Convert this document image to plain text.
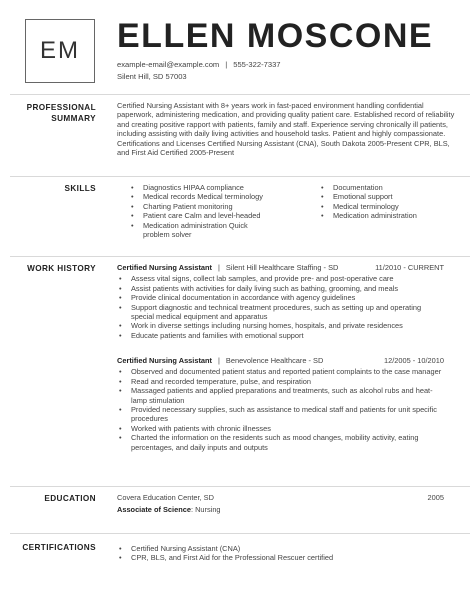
EM	ELLEN MOSCONE
example-email@example.com | 555-322-7337
Silent Hill, SD 57003
PROFESSIONAL SUMMARY
Certified Nursing Assistant with 8+ years work in fast-paced environment handling confidential paperwork, administering medication, and providing quality patient care. Established record of reliability and creating positive rapport with patients, family and staff. Experience serving chronically ill patients, including assisting with daily living activities and household tasks. Patient and highly compassionate. Certifications and Licenses Certified Nursing Assistant (CNA), South Dakota 2005-Present CPR, BLS, and First Aid Certified 2005-Present
SKILLS	• Diagnostics HIPAA compliance
• Medical records Medical terminology
• Charting Patient monitoring
• Patient care Calm and level-headed
• Medication administration Quick problem solver
• Documentation
• Emotional support
• Medical terminology
• Medication administration
WORK HISTORY	Certified Nursing Assistant | Silent Hill Healthcare Staffing - SD	11/2010 - CURRENT
• Assess vital signs, collect lab samples, and provide pre- and post-operative care
• Assist patients with activities for daily living such as bathing, grooming, and meals
• Provide clinical documentation in accordance with agency guidelines
• Support diagnostic and technical treatment procedures, such as setting up and operating special medical equipment and apparatus
• Work in diverse settings including nursing homes, hospitals, and private residences
• Educate patients and families with emotional support
Certified Nursing Assistant | Benevolence Healthcare - SD	12/2005 - 10/2010
• Observed and documented patient status and reported patient complaints to the case manager
• Read and recorded temperature, pulse, and respiration
• Massaged patients and applied preparations and treatments, such as alcohol rubs and heat-lamp stimulation
• Provided necessary supplies, such as assistance to medical staff and patients for unit specific procedures
• Worked with patients with chronic illnesses
• Charted the information on the residents such as mood changes, mobility activity, eating percentages, and daily inputs and outputs
EDUCATION	Covera Education Center, SD	2005
Associate of Science: Nursing
CERTIFICATIONS	• Certified Nursing Assistant (CNA)
• CPR, BLS, and First Aid for the Professional Rescuer certified
